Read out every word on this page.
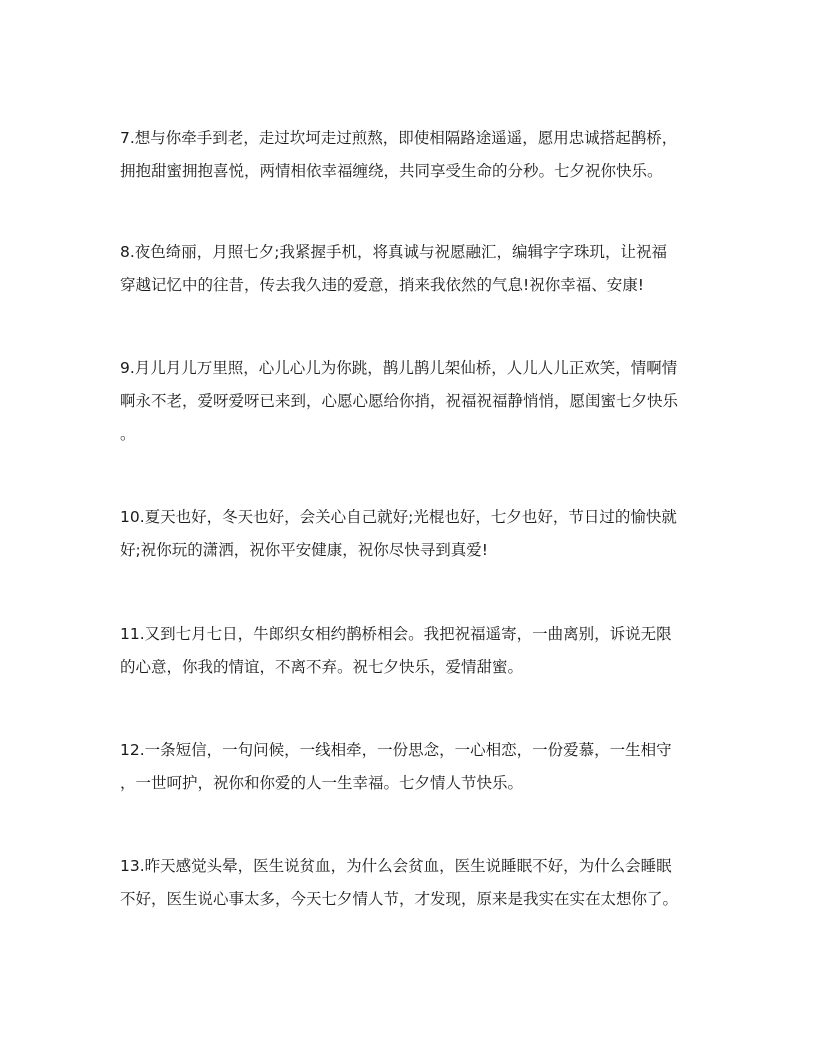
7.想与你牵手到老，走过坎坷走过煎熬，即使相隔路途遥遥，愿用忠诚搭起鹊桥，
拥抱甜蜜拥抱喜悦，两情相依幸福缠绕，共同享受生命的分秒。七夕祝你快乐。

8.夜色绮丽，月照七夕;我紧握手机，将真诚与祝愿融汇，编辑字字珠玑，让祝福
穿越记忆中的往昔，传去我久违的爱意，捎来我依然的气息!祝你幸福、安康!

9.月儿月儿万里照，心儿心儿为你跳，鹊儿鹊儿架仙桥，人儿人儿正欢笑，情啊情
啊永不老，爱呀爱呀已来到，心愿心愿给你捎，祝福祝福静悄悄，愿闺蜜七夕快乐
。

10.夏天也好，冬天也好，会关心自己就好;光棍也好，七夕也好，节日过的愉快就
好;祝你玩的潇洒，祝你平安健康，祝你尽快寻到真爱!

11.又到七月七日，牛郎织女相约鹊桥相会。我把祝福遥寄，一曲离别，诉说无限
的心意，你我的情谊，不离不弃。祝七夕快乐，爱情甜蜜。

12.一条短信，一句问候，一线相牵，一份思念，一心相恋，一份爱慕，一生相守
，一世呵护，祝你和你爱的人一生幸福。七夕情人节快乐。

13.昨天感觉头晕，医生说贫血，为什么会贫血，医生说睡眠不好，为什么会睡眠
不好，医生说心事太多，今天七夕情人节，才发现，原来是我实在实在太想你了。
